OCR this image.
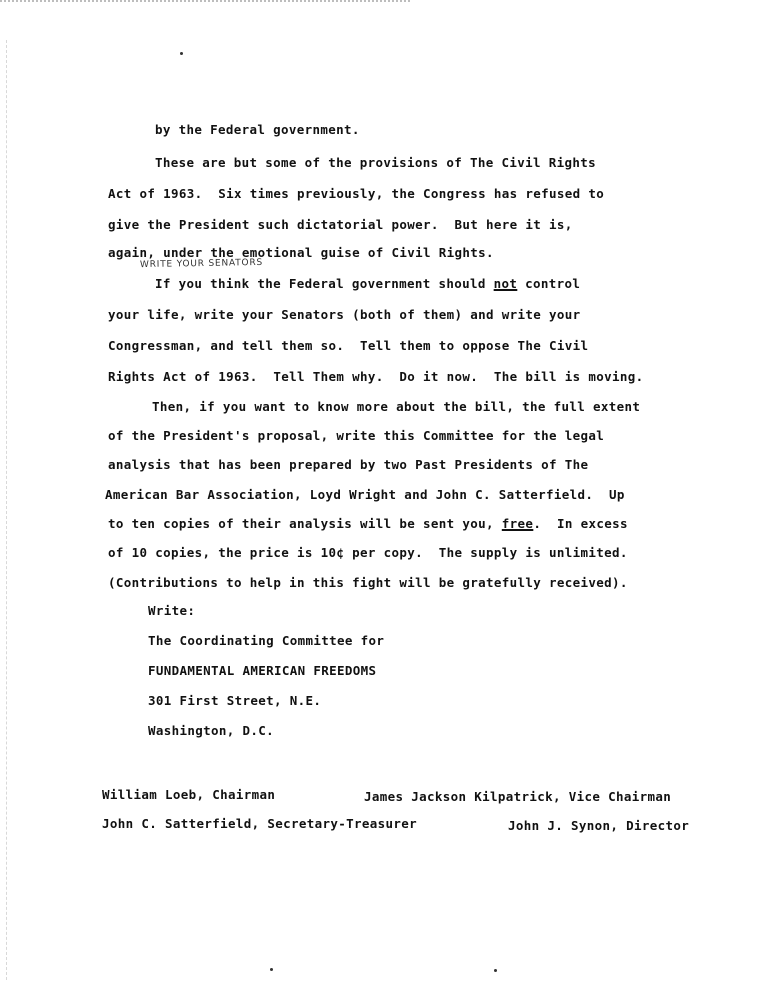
by the Federal government.
These are but some of the provisions of The Civil Rights
Act of 1963.  Six times previously, the Congress has refused to
give the President such dictatorial power.  But here it is,
again, under the emotional guise of Civil Rights.
WRITE YOUR SENATORS
If you think the Federal government should not control
your life, write your Senators (both of them) and write your
Congressman, and tell them so.  Tell them to oppose The Civil
Rights Act of 1963.  Tell Them why.  Do it now.  The bill is moving.
Then, if you want to know more about the bill, the full extent
of the President's proposal, write this Committee for the legal
analysis that has been prepared by two Past Presidents of The
American Bar Association, Loyd Wright and John C. Satterfield.  Up
to ten copies of their analysis will be sent you, free.  In excess
of 10 copies, the price is 10¢ per copy.  The supply is unlimited.
(Contributions to help in this fight will be gratefully received).
Write:
The Coordinating Committee for
FUNDAMENTAL AMERICAN FREEDOMS
301 First Street, N.E.
Washington, D.C.
William Loeb, Chairman	James Jackson Kilpatrick, Vice Chairman
John C. Satterfield, Secretary-Treasurer	John J. Synon, Director
